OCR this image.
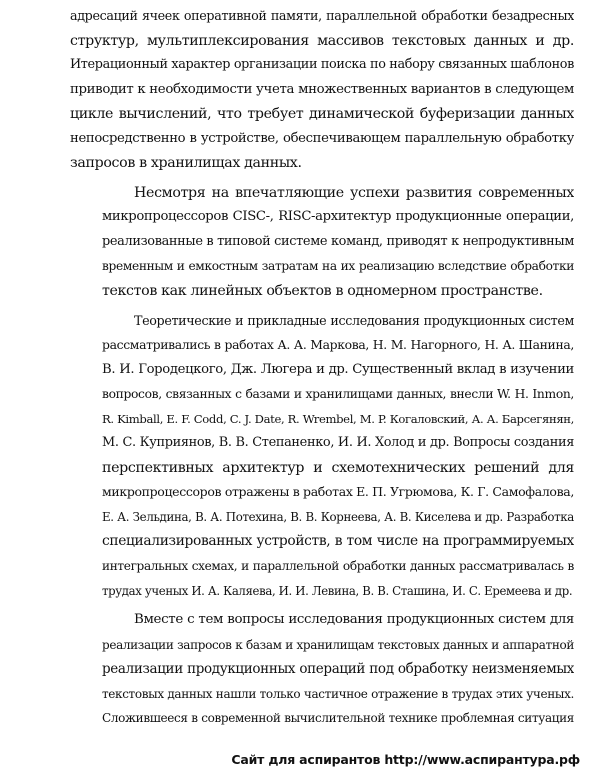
адресаций ячеек оперативной памяти, параллельной обработки безадресных
структур, мультиплексирования массивов текстовых данных и др.
Итерационный характер организации поиска по набору связанных шаблонов
приводит к необходимости учета множественных вариантов в следующем
цикле вычислений, что требует динамической буферизации данных
непосредственно в устройстве, обеспечивающем параллельную обработку
запросов в хранилищах данных.
Несмотря на впечатляющие успехи развития современных
микропроцессоров CISC-, RISC-архитектур продукционные операции,
реализованные в типовой системе команд, приводят к непродуктивным
временным и емкостным затратам на их реализацию вследствие обработки
текстов как линейных объектов в одномерном пространстве.
Теоретические и прикладные исследования продукционных систем
рассматривались в работах А. А. Маркова, Н. М. Нагорного, Н. А. Шанина,
В. И. Городецкого, Дж. Люгера и др. Существенный вклад в изучении
вопросов, связанных с базами и хранилищами данных, внесли W. H. Inmon,
R. Kimball, E. F. Codd, C. J. Date, R. Wrembel, M. P. Когаловский, А. А. Барсегянян,
М. С. Куприянов, В. В. Степаненко, И. И. Холод и др. Вопросы создания
перспективных архитектур и схемотехнических решений для
микропроцессоров отражены в работах Е. П. Угрюмова, К. Г. Самофалова,
Е. А. Зельдина, В. А. Потехина, В. В. Корнеева, А. В. Киселева и др. Разработка
специализированных устройств, в том числе на программируемых
интегральных схемах, и параллельной обработки данных рассматривалась в
трудах ученых И. А. Каляева, И. И. Левина, В. В. Сташина, И. С. Еремеева и др.
Вместе с тем вопросы исследования продукционных систем для
реализации запросов к базам и хранилищам текстовых данных и аппаратной
реализации продукционных операций под обработку неизменяемых
текстовых данных нашли только частичное отражение в трудах этих ученых.
Сложившееся в современной вычислительной технике проблемная ситуация
Сайт для аспирантов http://www.аспирантура.рф
